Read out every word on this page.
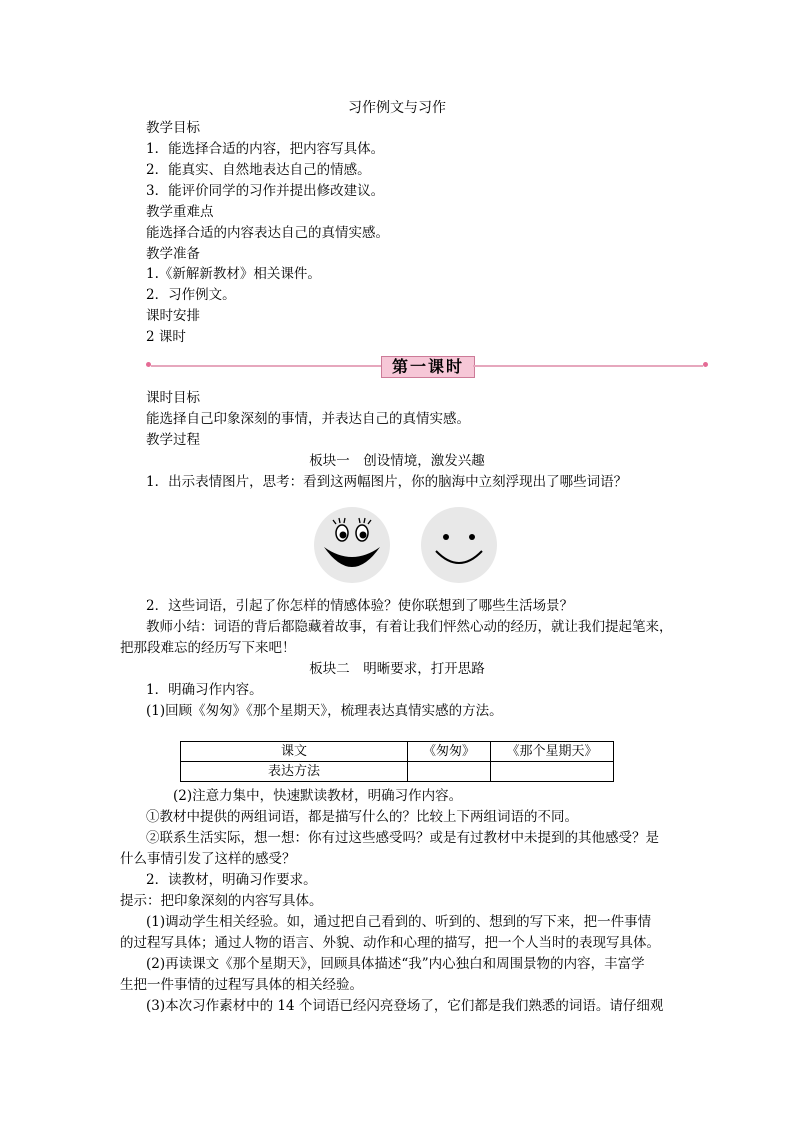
习作例文与习作
教学目标
1．能选择合适的内容，把内容写具体。
2．能真实、自然地表达自己的情感。
3．能评价同学的习作并提出修改建议。
教学重难点
能选择合适的内容表达自己的真情实感。
教学准备
1.《新解新教材》相关课件。
2．习作例文。
课时安排
2 课时
第一课时
课时目标
能选择自己印象深刻的事情，并表达自己的真情实感。
教学过程
板块一　创设情境，激发兴趣
1．出示表情图片，思考：看到这两幅图片，你的脑海中立刻浮现出了哪些词语？
2．这些词语，引起了你怎样的情感体验？使你联想到了哪些生活场景？
教师小结：词语的背后都隐藏着故事，有着让我们怦然心动的经历，就让我们提起笔来，
把那段难忘的经历写下来吧！
板块二　明晰要求，打开思路
1．明确习作内容。
(1)回顾《匆匆》《那个星期天》，梳理表达真情实感的方法。
课文	《匆匆》	《那个星期天》
表达方法		
(2)注意力集中，快速默读教材，明确习作内容。
①教材中提供的两组词语，都是描写什么的？比较上下两组词语的不同。
②联系生活实际，想一想：你有过这些感受吗？或是有过教材中未提到的其他感受？是
什么事情引发了这样的感受？
2．读教材，明确习作要求。
提示：把印象深刻的内容写具体。
(1)调动学生相关经验。如，通过把自己看到的、听到的、想到的写下来，把一件事情
的过程写具体；通过人物的语言、外貌、动作和心理的描写，把一个人当时的表现写具体。
(2)再读课文《那个星期天》，回顾具体描述“我”内心独白和周围景物的内容，丰富学
生把一件事情的过程写具体的相关经验。
(3)本次习作素材中的 14 个词语已经闪亮登场了，它们都是我们熟悉的词语。请仔细观
